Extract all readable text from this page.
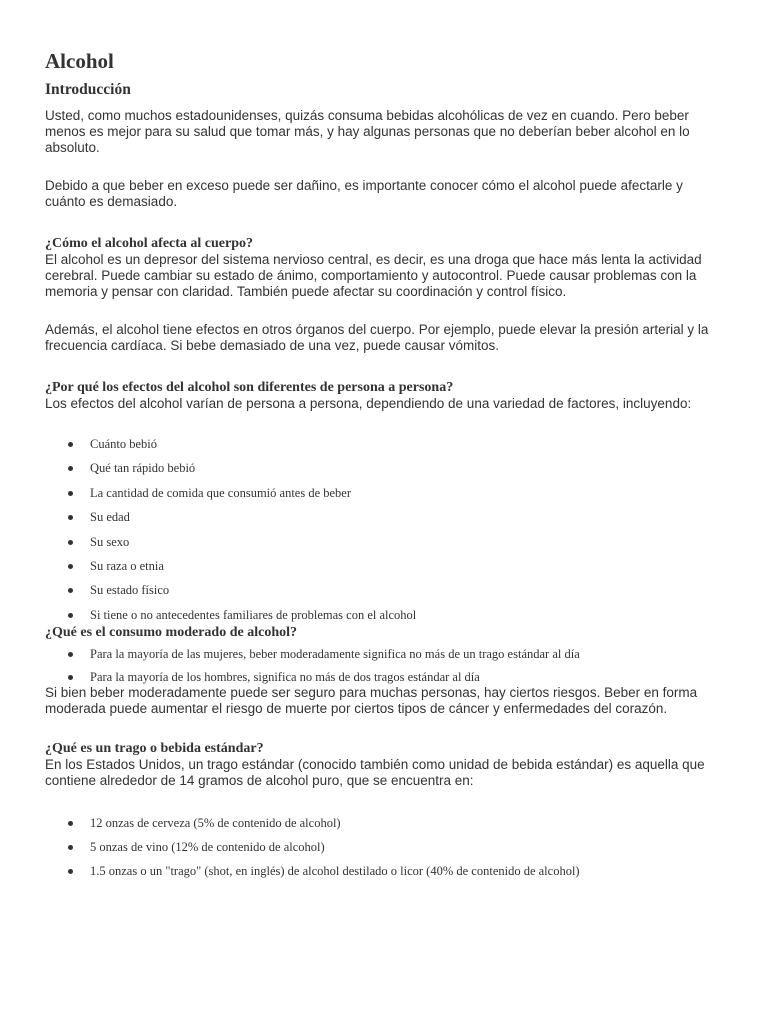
Alcohol
Introducción

Usted, como muchos estadounidenses, quizás consuma bebidas alcohólicas de vez en cuando. Pero beber menos es mejor para su salud que tomar más, y hay algunas personas que no deberían beber alcohol en lo absoluto.

Debido a que beber en exceso puede ser dañino, es importante conocer cómo el alcohol puede afectarle y cuánto es demasiado.

¿Cómo el alcohol afecta al cuerpo?

El alcohol es un depresor del sistema nervioso central, es decir, es una droga que hace más lenta la actividad cerebral. Puede cambiar su estado de ánimo, comportamiento y autocontrol. Puede causar problemas con la memoria y pensar con claridad. También puede afectar su coordinación y control físico.

Además, el alcohol tiene efectos en otros órganos del cuerpo. Por ejemplo, puede elevar la presión arterial y la frecuencia cardíaca. Si bebe demasiado de una vez, puede causar vómitos.

¿Por qué los efectos del alcohol son diferentes de persona a persona?

Los efectos del alcohol varían de persona a persona, dependiendo de una variedad de factores, incluyendo:

Cuánto bebió
Qué tan rápido bebió
La cantidad de comida que consumió antes de beber
Su edad
Su sexo
Su raza o etnia
Su estado físico
Si tiene o no antecedentes familiares de problemas con el alcohol
¿Qué es el consumo moderado de alcohol?
Para la mayoría de las mujeres, beber moderadamente significa no más de un trago estándar al día
Para la mayoría de los hombres, significa no más de dos tragos estándar al día

Si bien beber moderadamente puede ser seguro para muchas personas, hay ciertos riesgos. Beber en forma moderada puede aumentar el riesgo de muerte por ciertos tipos de cáncer y enfermedades del corazón.

¿Qué es un trago o bebida estándar?

En los Estados Unidos, un trago estándar (conocido también como unidad de bebida estándar) es aquella que contiene alrededor de 14 gramos de alcohol puro, que se encuentra en:

12 onzas de cerveza (5% de contenido de alcohol)
5 onzas de vino (12% de contenido de alcohol)
1.5 onzas o un "trago" (shot, en inglés) de alcohol destilado o licor (40% de contenido de alcohol)
